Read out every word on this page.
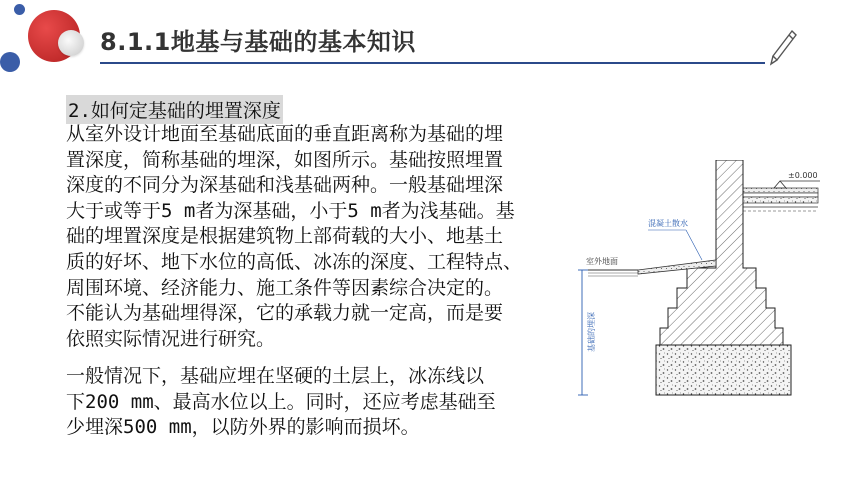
8.1.1地基与基础的基本知识
2.如何定基础的埋置深度
从室外设计地面至基础底面的垂直距离称为基础的埋
置深度，简称基础的埋深，如图所示。基础按照埋置
深度的不同分为深基础和浅基础两种。一般基础埋深
大于或等于5 m者为深基础，小于5 m者为浅基础。基
础的埋置深度是根据建筑物上部荷载的大小、地基土
质的好坏、地下水位的高低、冰冻的深度、工程特点、
周围环境、经济能力、施工条件等因素综合决定的。
不能认为基础埋得深，它的承载力就一定高，而是要
依照实际情况进行研究。
一般情况下，基础应埋在坚硬的土层上，冰冻线以
下200 mm、最高水位以上。同时，还应考虑基础至
少埋深500 mm，以防外界的影响而损坏。
±0.000
室外地面
混凝土散水
基础的埋深
